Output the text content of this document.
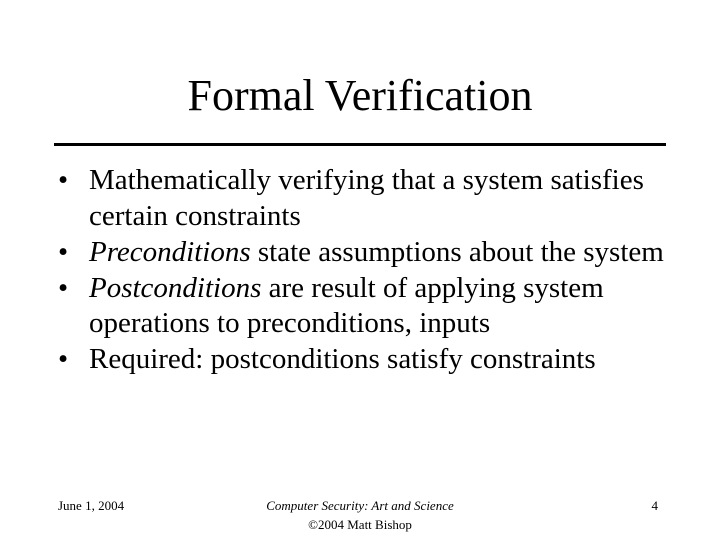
Formal Verification
• Mathematically verifying that a system satisfies certain constraints
• Preconditions state assumptions about the system
• Postconditions are result of applying system operations to preconditions, inputs
• Required: postconditions satisfy constraints
June 1, 2004	Computer Security: Art and Science
©2004 Matt Bishop
4
